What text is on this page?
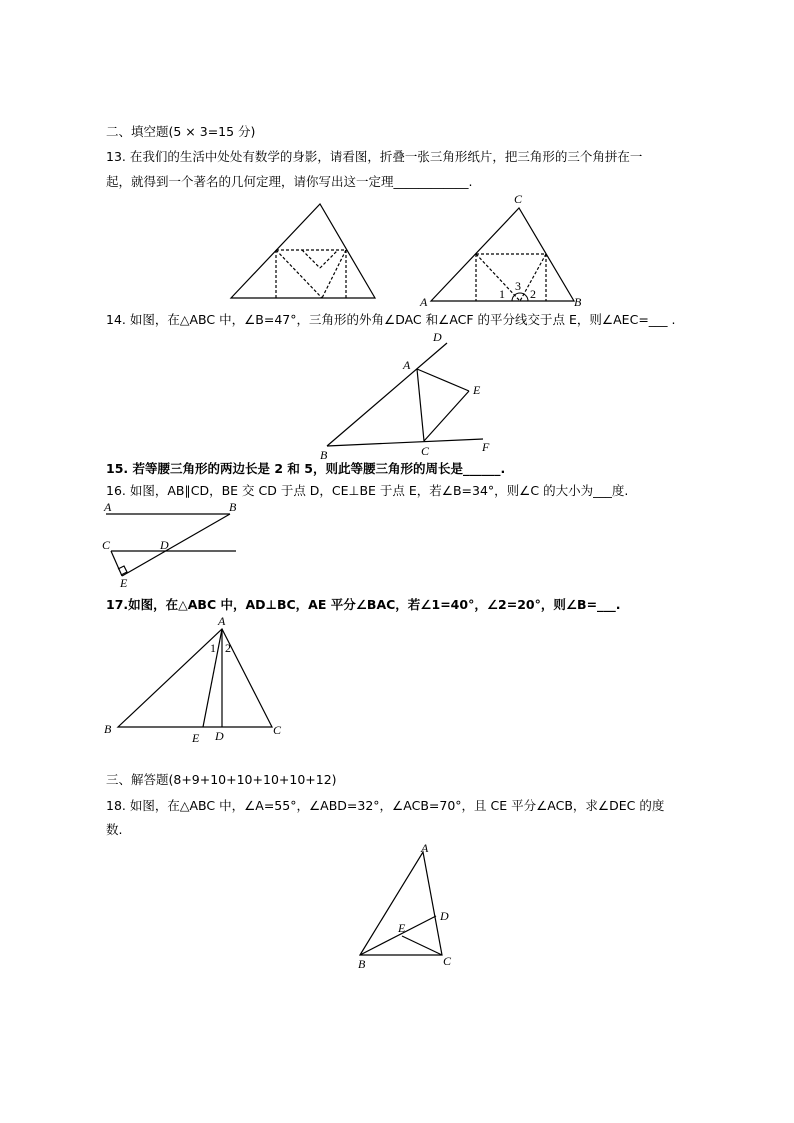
二、填空题(5 × 3=15 分)
13. 在我们的生活中处处有数学的身影，请看图，折叠一张三角形纸片，把三角形的三个角拼在一
起，就得到一个著名的几何定理，请你写出这一定理____________.
14. 如图，在△ABC 中，∠B=47°，三角形的外角∠DAC 和∠ACF 的平分线交于点 E，则∠AEC=___ .
15. 若等腰三角形的两边长是 2 和 5，则此等腰三角形的周长是______.
16. 如图，AB∥CD，BE 交 CD 于点 D，CE⊥BE 于点 E，若∠B=34°，则∠C 的大小为___度.
17.如图，在△ABC 中，AD⊥BC，AE 平分∠BAC，若∠1=40°，∠2=20°，则∠B=___.
三、解答题(8+9+10+10+10+10+12)
18. 如图，在△ABC 中，∠A=55°，∠ABD=32°，∠ACB=70°，且 CE 平分∠ACB，求∠DEC 的度
数.
C
A	B
1 2
3
D
A
E
B	C	F
A	B
C	D
E
A
1 2
B
E D	C
A
D
E
B	C
